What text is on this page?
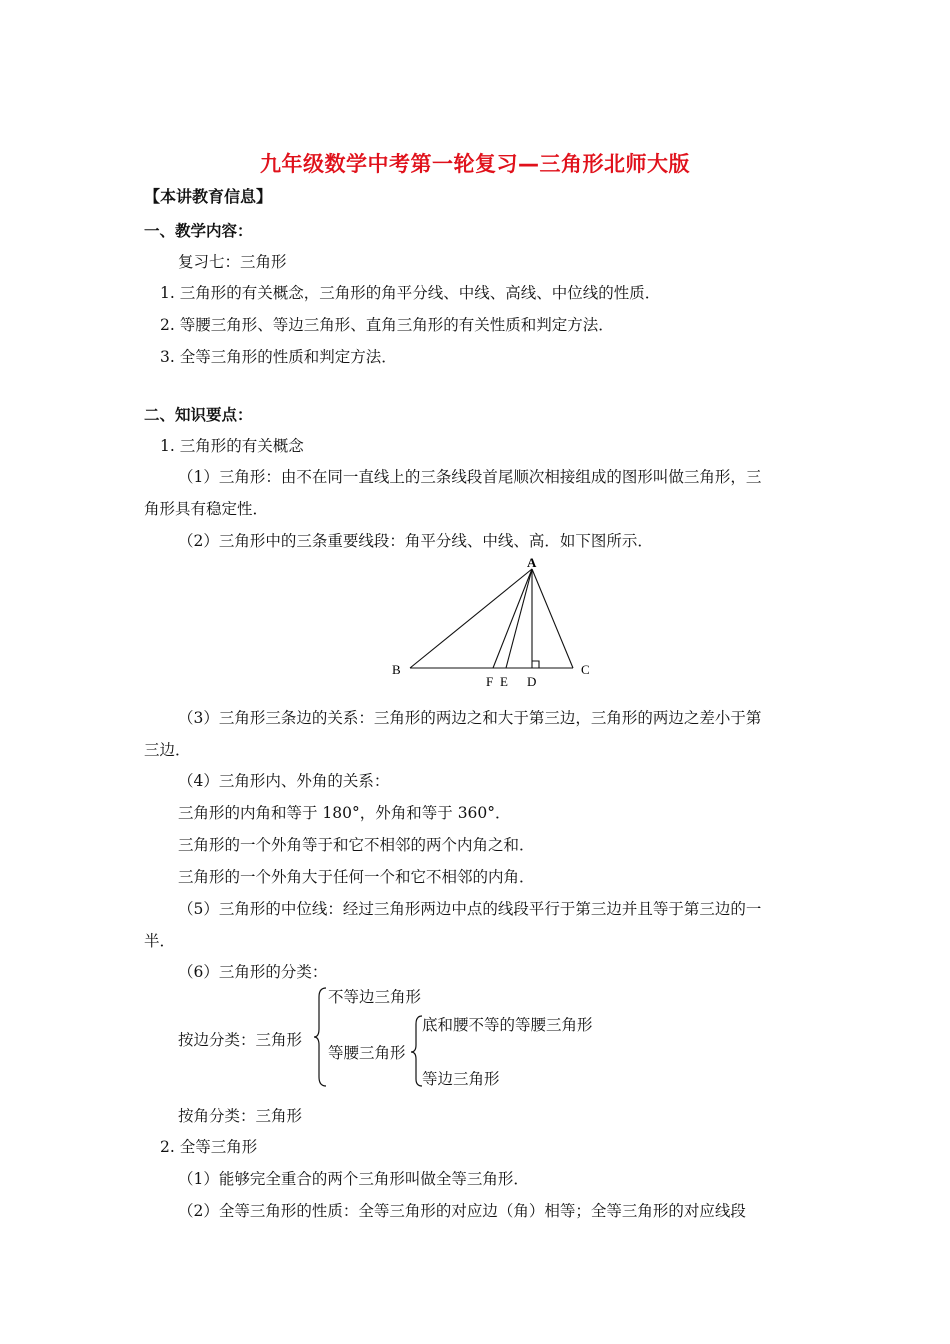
九年级数学中考第一轮复习—三角形北师大版
【本讲教育信息】
一、教学内容：
复习七：三角形
1. 三角形的有关概念，三角形的角平分线、中线、高线、中位线的性质．
2. 等腰三角形、等边三角形、直角三角形的有关性质和判定方法．
3. 全等三角形的性质和判定方法．
二、知识要点：
1. 三角形的有关概念
（1）三角形：由不在同一直线上的三条线段首尾顺次相接组成的图形叫做三角形，三
角形具有稳定性．
（2）三角形中的三条重要线段：角平分线、中线、高．如下图所示．
A
B	C
F E D
（3）三角形三条边的关系：三角形的两边之和大于第三边，三角形的两边之差小于第
三边．
（4）三角形内、外角的关系：
三角形的内角和等于 180°，外角和等于 360°．
三角形的一个外角等于和它不相邻的两个内角之和．
三角形的一个外角大于任何一个和它不相邻的内角．
（5）三角形的中位线：经过三角形两边中点的线段平行于第三边并且等于第三边的一
半．
（6）三角形的分类：
按边分类：三角形
不等边三角形
等腰三角形
底和腰不等的等腰三角形
等边三角形
按角分类：三角形
2. 全等三角形
（1）能够完全重合的两个三角形叫做全等三角形．
（2）全等三角形的性质：全等三角形的对应边（角）相等；全等三角形的对应线段
